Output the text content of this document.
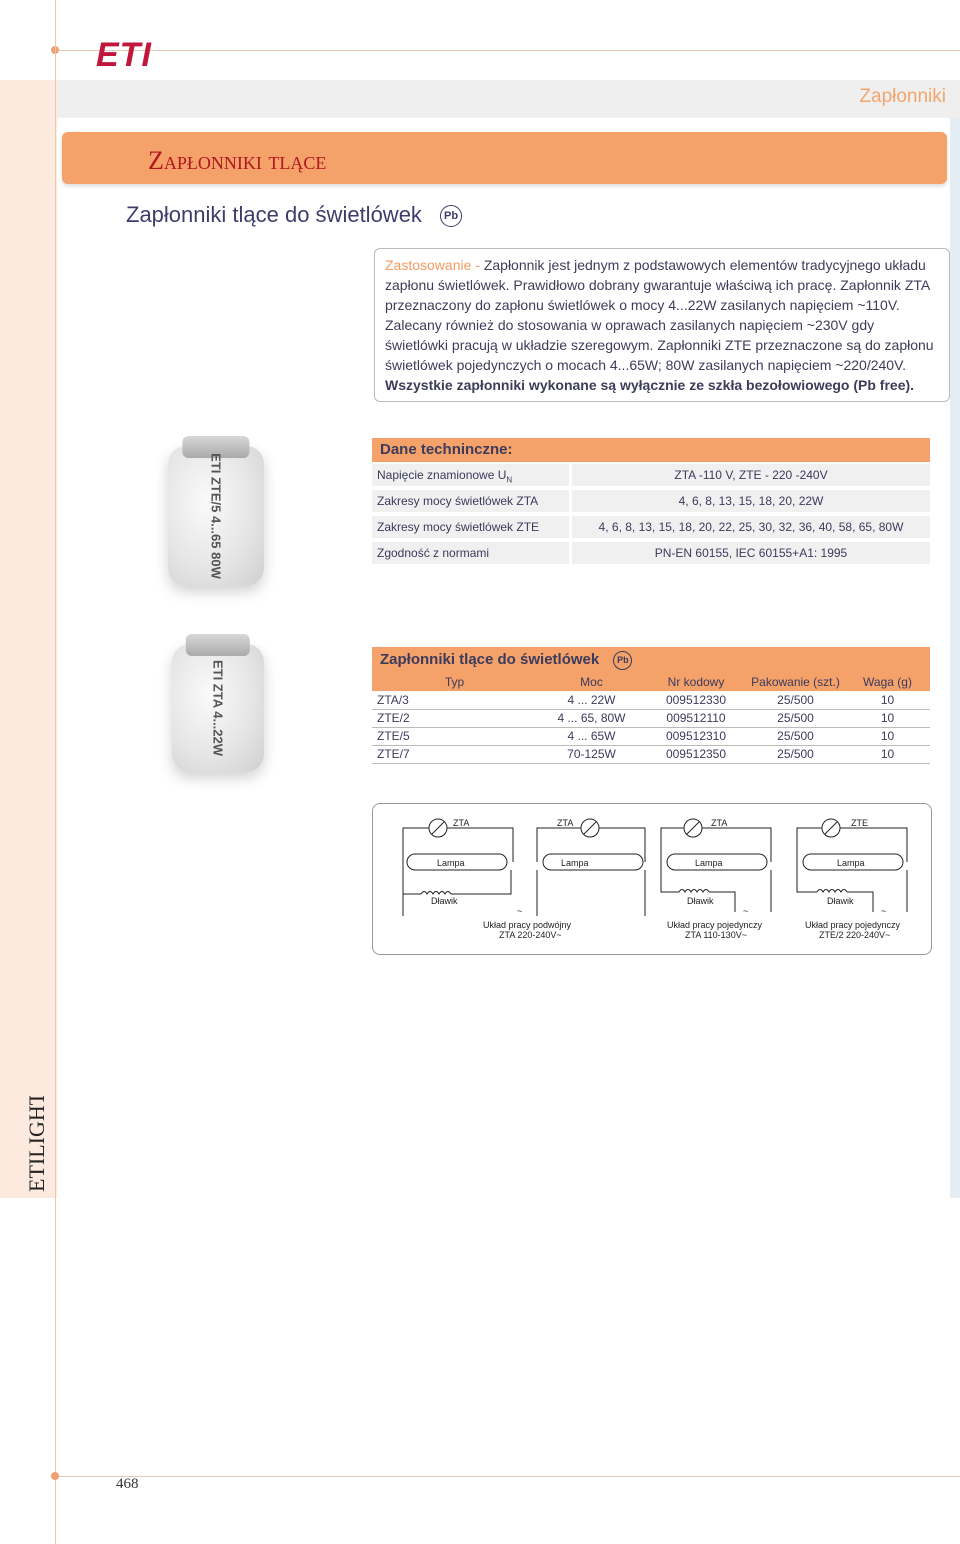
ETI
Zapłonniki
Zapłonniki tlące
Zapłonniki tlące do świetlówek Pb
Zastosowanie - Zapłonnik jest jednym z podstawowych elementów tradycyjnego układu zapłonu świetlówek. Prawidłowo dobrany gwarantuje właściwą ich pracę. Zapłonnik ZTA przeznaczony do zapłonu świetlówek o mocy 4...22W zasilanych napięciem ~110V. Zalecany również do stosowania w oprawach zasilanych napięciem ~230V gdy świetlówki pracują w układzie szeregowym. Zapłonniki ZTE przeznaczone są do zapłonu świetlówek pojedynczych o mocach 4...65W; 80W zasilanych napięciem ~220/240V. Wszystkie zapłonniki wykonane są wyłącznie ze szkła bezołowiowego (Pb free).
ETI ZTE/5 4...65 80W
ETI ZTA 4...22W
Dane techninczne:
Napięcie znamionowe $U_N$	ZTA -110 V, ZTE - 220 -240V
Zakresy mocy świetlówek ZTA	4, 6, 8, 13, 15, 18, 20, 22W
Zakresy mocy świetlówek ZTE	4, 6, 8, 13, 15, 18, 20, 22, 25, 30, 32, 36, 40, 58, 65, 80W
Zgodność z normami	PN-EN 60155, IEC 60155+A1: 1995
Zapłonniki tlące do świetlówek Pb
Typ	Moc	Nr kodowy	Pakowanie (szt.)	Waga (g)
ZTA/3	4 ... 22W	009512330	25/500	10
ZTE/2	4 ... 65, 80W	009512110	25/500	10
ZTE/5	4 ... 65W	009512310	25/500	10
ZTE/7	70-125W	009512350	25/500	10
ZTA	ZTA	ZTA	ZTE
Lampa	Lampa	Lampa	Lampa
Dławik	Dławik	Dławik
~	~	~
Układ pracy podwójny
ZTA 220-240V~
Układ pracy pojedynczy
ZTA 110-130V~
Układ pracy pojedynczy
ZTE/2 220-240V~
ETILIGHT
468
